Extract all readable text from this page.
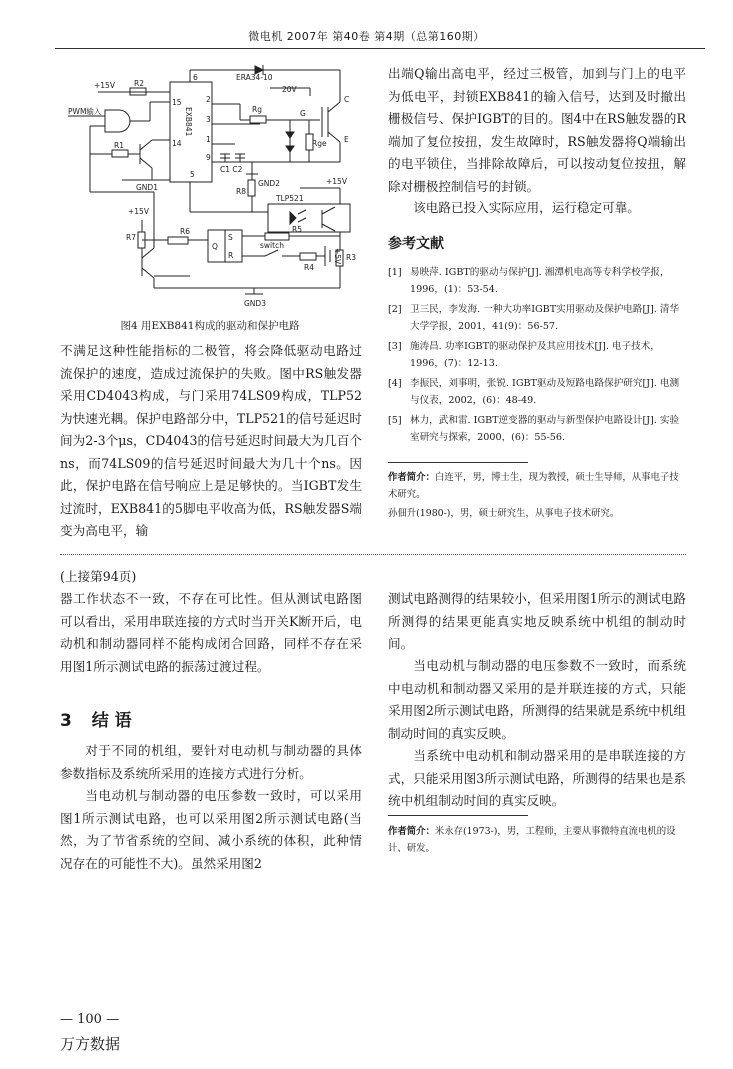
微电机 2007年 第40卷 第4期（总第160期）
PWM输入
+15V	R2
R1
GND1
+15V
R7
EXB841
6
15	2
3
14	1
9
5
C1 C2
ERA34-10
20V
Rg	G
Rge
C
E
R8
GND2	+15V
TLP521
R6
S
Q
R
R5
switch
R4
+5V R3
GND3
图4 用EXB841构成的驱动和保护电路

不满足这种性能指标的二极管，将会降低驱动电路过流保护的速度，造成过流保护的失败。图中RS触发器采用CD4043构成，与门采用74LS09构成，TLP52为快速光耦。保护电路部分中，TLP521的信号延迟时间为2-3个μs，CD4043的信号延迟时间最大为几百个ns，而74LS09的信号延迟时间最大为几十个ns。因此，保护电路在信号响应上是足够快的。当IGBT发生过流时，EXB841的5脚电平收高为低，RS触发器S端变为高电平，输

出端Q输出高电平，经过三极管，加到与门上的电平为低电平，封锁EXB841的输入信号，达到及时撤出栅极信号、保护IGBT的目的。图4中在RS触发器的R端加了复位按扭，发生故障时，RS触发器将Q端输出的电平锁住，当排除故障后，可以按动复位按扭，解除对栅极控制信号的封锁。

该电路已投入实际应用，运行稳定可靠。

参考文献

[1] 易映萍. IGBT的驱动与保护[J]. 湘潭机电高等专科学校学报，1996，(1)：53-54.

[2] 卫三民，李发海. 一种大功率IGBT实用驱动及保护电路[J]. 清华大学学报，2001，41(9)：56-57.

[3] 施涛昌. 功率IGBT的驱动保护及其应用技术[J]. 电子技术，1996，(7)：12-13.

[4] 李振民，刘事明，张锐. IGBT驱动及短路电路保护研究[J]. 电测与仪表，2002，(6)：48-49.

[5] 林力，武和雷. IGBT逆变器的驱动与新型保护电路设计[J]. 实验室研究与探索，2000，(6)：55-56.

作者简介：白连平，男，博士生，现为教授，硕士生导师，从事电子技术研究。

孙佃升(1980-)，男，硕士研究生，从事电子技术研究。

(上接第94页)

器工作状态不一致，不存在可比性。但从测试电路图可以看出，采用串联连接的方式时当开关K断开后，电动机和制动器同样不能构成闭合回路，同样不存在采用图1所示测试电路的振荡过渡过程。

3 结 语

对于不同的机组，要针对电动机与制动器的具体参数指标及系统所采用的连接方式进行分析。

当电动机与制动器的电压参数一致时，可以采用图1所示测试电路，也可以采用图2所示测试电路(当然，为了节省系统的空间、减小系统的体积，此种情况存在的可能性不大)。虽然采用图2

测试电路测得的结果较小，但采用图1所示的测试电路所测得的结果更能真实地反映系统中机组的制动时间。

当电动机与制动器的电压参数不一致时，而系统中电动机和制动器又采用的是并联连接的方式，只能采用图2所示测试电路，所测得的结果就是系统中机组制动时间的真实反映。

当系统中电动机和制动器采用的是串联连接的方式，只能采用图3所示测试电路，所测得的结果也是系统中机组制动时间的真实反映。

作者简介：米永存(1973-)，男，工程师，主要从事微特直流电机的设计、研发。

— 100 —
万方数据
